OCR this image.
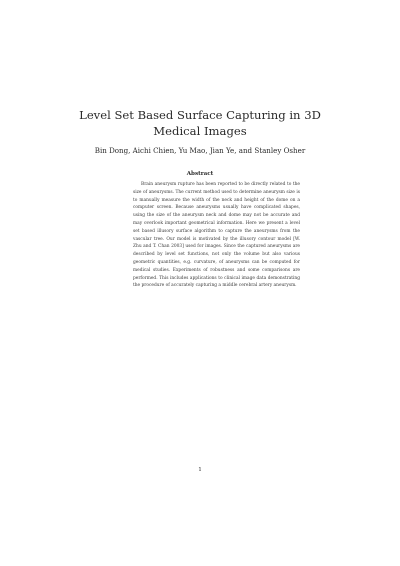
Level Set Based Surface Capturing in 3D Medical Images

Bin Dong, Aichi Chien, Yu Mao, Jian Ye, and Stanley Osher

Abstract

Brain aneurysm rupture has been reported to be directly related to the size of aneurysms. The current method used to determine aneurysm size is to manually measure the width of the neck and height of the dome on a computer screen. Because aneurysms usually have complicated shapes, using the size of the aneurysm neck and dome may not be accurate and may overlook important geometrical information. Here we present a level set based illusory surface algorithm to capture the aneurysms from the vascular tree. Our model is motivated by the illusory contour model [W. Zhu and T. Chan 2003] used for images. Since the captured aneurysms are described by level set functions, not only the volume but also various geometric quantities, e.g. curvature, of aneurysms can be computed for medical studies. Experiments of robustness and some comparisons are performed. This includes applications to clinical image data demonstrating the procedure of accurately capturing a middle cerebral artery aneurysm.

1
